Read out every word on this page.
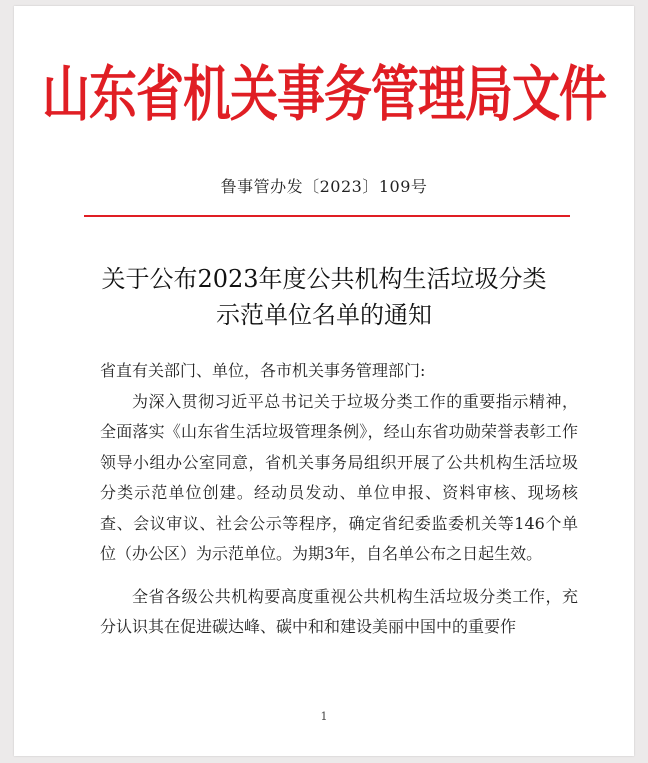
山东省机关事务管理局文件
鲁事管办发〔2023〕109号
关于公布2023年度公共机构生活垃圾分类
示范单位名单的通知

省直有关部门、单位，各市机关事务管理部门:

为深入贯彻习近平总书记关于垃圾分类工作的重要指示精神，全面落实《山东省生活垃圾管理条例》，经山东省功勋荣誉表彰工作领导小组办公室同意，省机关事务局组织开展了公共机构生活垃圾分类示范单位创建。经动员发动、单位申报、资料审核、现场核查、会议审议、社会公示等程序，确定省纪委监委机关等146个单位（办公区）为示范单位。为期3年，自名单公布之日起生效。

全省各级公共机构要高度重视公共机构生活垃圾分类工作，充分认识其在促进碳达峰、碳中和和建设美丽中国中的重要作

1
